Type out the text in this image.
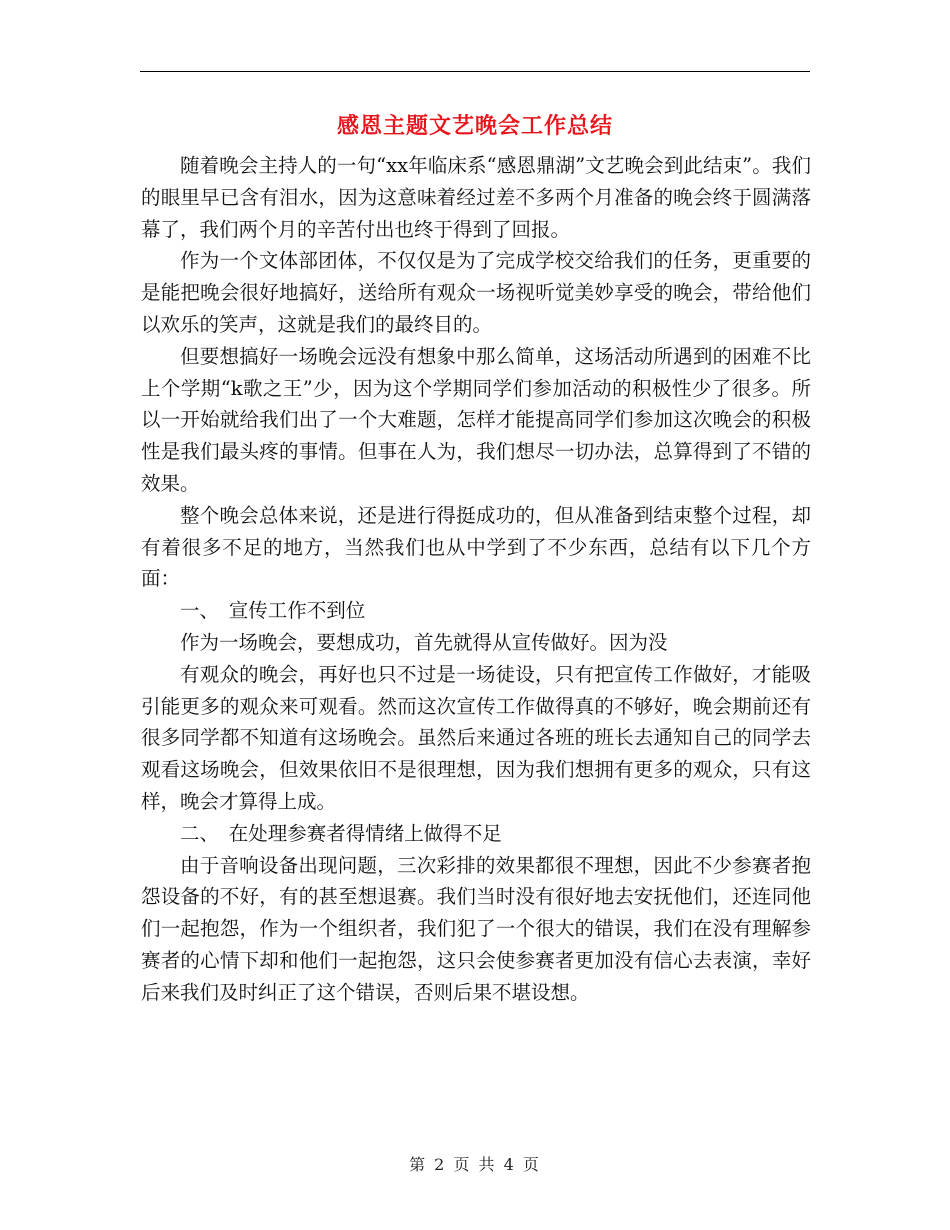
感恩主题文艺晚会工作总结

随着晚会主持人的一句“xx年临床系“感恩鼎湖”文艺晚会到此结束”。我们的眼里早已含有泪水，因为这意味着经过差不多两个月准备的晚会终于圆满落幕了，我们两个月的辛苦付出也终于得到了回报。

作为一个文体部团体，不仅仅是为了完成学校交给我们的任务，更重要的是能把晚会很好地搞好，送给所有观众一场视听觉美妙享受的晚会，带给他们以欢乐的笑声，这就是我们的最终目的。

但要想搞好一场晚会远没有想象中那么简单，这场活动所遇到的困难不比上个学期“k歌之王”少，因为这个学期同学们参加活动的积极性少了很多。所以一开始就给我们出了一个大难题，怎样才能提高同学们参加这次晚会的积极性是我们最头疼的事情。但事在人为，我们想尽一切办法，总算得到了不错的效果。

整个晚会总体来说，还是进行得挺成功的，但从准备到结束整个过程，却有着很多不足的地方，当然我们也从中学到了不少东西，总结有以下几个方面：

一、　宣传工作不到位

作为一场晚会，要想成功，首先就得从宣传做好。因为没

有观众的晚会，再好也只不过是一场徒设，只有把宣传工作做好，才能吸引能更多的观众来可观看。然而这次宣传工作做得真的不够好，晚会期前还有很多同学都不知道有这场晚会。虽然后来通过各班的班长去通知自己的同学去观看这场晚会，但效果依旧不是很理想，因为我们想拥有更多的观众，只有这样，晚会才算得上成。

二、　在处理参赛者得情绪上做得不足

由于音响设备出现问题，三次彩排的效果都很不理想，因此不少参赛者抱怨设备的不好，有的甚至想退赛。我们当时没有很好地去安抚他们，还连同他们一起抱怨，作为一个组织者，我们犯了一个很大的错误，我们在没有理解参赛者的心情下却和他们一起抱怨，这只会使参赛者更加没有信心去表演，幸好后来我们及时纠正了这个错误，否则后果不堪设想。

第 2 页 共 4 页
